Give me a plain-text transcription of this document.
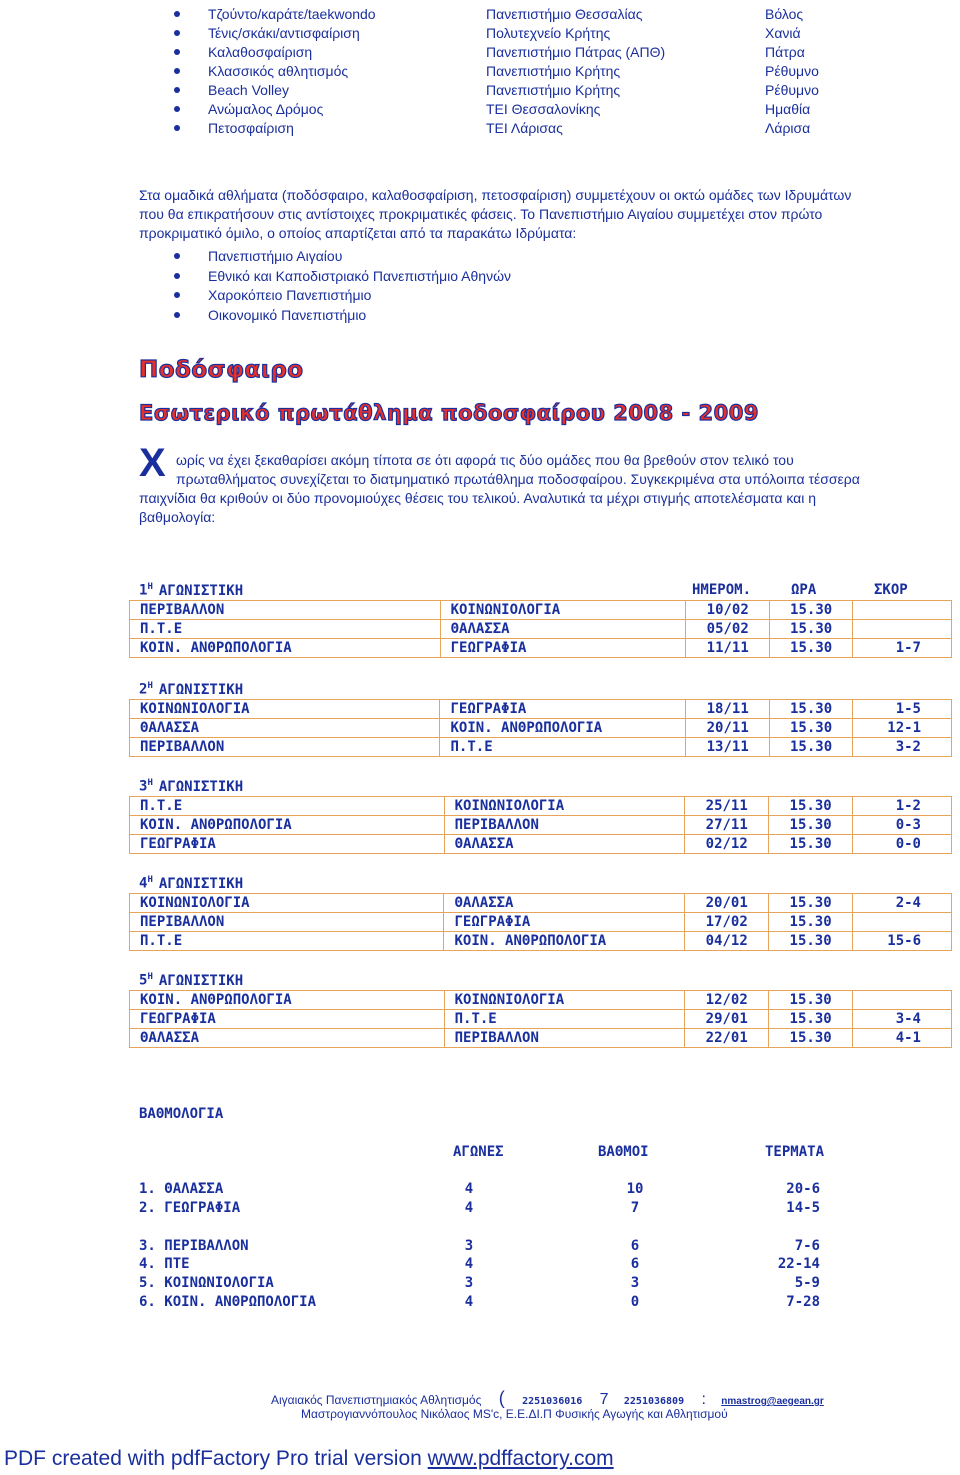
Τζούντο/καράτε/taekwondo	Πανεπιστήμιο Θεσσαλίας	Βόλος
Τένις/σκάκι/αντισφαίριση	Πολυτεχνείο Κρήτης	Χανιά
Καλαθοσφαίριση	Πανεπιστήμιο Πάτρας (ΑΠΘ)	Πάτρα
Κλασσικός αθλητισμός	Πανεπιστήμιο Κρήτης	Ρέθυμνο
Beach Volley	Πανεπιστήμιο Κρήτης	Ρέθυμνο
Ανώμαλος Δρόμος	ΤΕΙ Θεσσαλονίκης	Ημαθία
Πετοσφαίριση	ΤΕΙ Λάρισας	Λάρισα
Στα ομαδικά αθλήματα (ποδόσφαιρο, καλαθοσφαίριση, πετοσφαίριση) συμμετέχουν οι οκτώ ομάδες των Ιδρυμάτων
που θα επικρατήσουν στις αντίστοιχες προκριματικές φάσεις. Το Πανεπιστήμιο Αιγαίου συμμετέχει στον πρώτο
προκριματικό όμιλο, ο οποίος απαρτίζεται από τα παρακάτω Ιδρύματα:
Πανεπιστήμιο Αιγαίου
Εθνικό και Καποδιστριακό Πανεπιστήμιο Αθηνών
Χαροκόπειο Πανεπιστήμιο
Οικονομικό Πανεπιστήμιο
Ποδόσφαιρο
Εσωτερικό πρωτάθλημα ποδοσφαίρου 2008 - 2009
Χ ωρίς να έχει ξεκαθαρίσει ακόμη τίποτα σε ότι αφορά τις δύο ομάδες που θα βρεθούν στον τελικό του
πρωταθλήματος συνεχίζεται το διατμηματικό πρωτάθλημα ποδοσφαίρου. Συγκεκριμένα στα υπόλοιπα τέσσερα
παιχνίδια θα κριθούν οι δύο προνομιούχες θέσεις του τελικού. Αναλυτικά τα μέχρι στιγμής αποτελέσματα και η
βαθμολογία:
$1^H$ ΑΓΩΝΙΣΤΙΚΗ	ΗΜΕΡΟΜ.	ΩΡΑ	ΣΚΟΡ
ΠΕΡΙΒΑΛΛΟΝ	ΚΟΙΝΩΝΙΟΛΟΓΙΑ	10/02	15.30	
Π.Τ.Ε	ΘΑΛΑΣΣΑ	05/02	15.30	
ΚΟΙΝ. ΑΝΘΡΩΠΟΛΟΓΙΑ	ΓΕΩΓΡΑΦΙΑ	11/11	15.30	1-7
$2^H$ ΑΓΩΝΙΣΤΙΚΗ
ΚΟΙΝΩΝΙΟΛΟΓΙΑ	ΓΕΩΓΡΑΦΙΑ	18/11	15.30	1-5
ΘΑΛΑΣΣΑ	ΚΟΙΝ. ΑΝΘΡΩΠΟΛΟΓΙΑ	20/11	15.30	12-1
ΠΕΡΙΒΑΛΛΟΝ	Π.Τ.Ε	13/11	15.30	3-2
$3^H$ ΑΓΩΝΙΣΤΙΚΗ
Π.Τ.Ε	ΚΟΙΝΩΝΙΟΛΟΓΙΑ	25/11	15.30	1-2
ΚΟΙΝ. ΑΝΘΡΩΠΟΛΟΓΙΑ	ΠΕΡΙΒΑΛΛΟΝ	27/11	15.30	0-3
ΓΕΩΓΡΑΦΙΑ	ΘΑΛΑΣΣΑ	02/12	15.30	0-0
$4^H$ ΑΓΩΝΙΣΤΙΚΗ
ΚΟΙΝΩΝΙΟΛΟΓΙΑ	ΘΑΛΑΣΣΑ	20/01	15.30	2-4
ΠΕΡΙΒΑΛΛΟΝ	ΓΕΩΓΡΑΦΙΑ	17/02	15.30	
Π.Τ.Ε	ΚΟΙΝ. ΑΝΘΡΩΠΟΛΟΓΙΑ	04/12	15.30	15-6
$5^H$ ΑΓΩΝΙΣΤΙΚΗ
ΚΟΙΝ. ΑΝΘΡΩΠΟΛΟΓΙΑ	ΚΟΙΝΩΝΙΟΛΟΓΙΑ	12/02	15.30	
ΓΕΩΓΡΑΦΙΑ	Π.Τ.Ε	29/01	15.30	3-4
ΘΑΛΑΣΣΑ	ΠΕΡΙΒΑΛΛΟΝ	22/01	15.30	4-1
ΒΑΘΜΟΛΟΓΙΑ
ΑΓΩΝΕΣ	ΒΑΘΜΟΙ	ΤΕΡΜΑΤΑ
1. ΘΑΛΑΣΣΑ	4	10	20-6
2. ΓΕΩΓΡΑΦΙΑ	4	7	14-5
3. ΠΕΡΙΒΑΛΛΟΝ	3	6	7-6
4. ΠΤΕ	4	6	22-14
5. ΚΟΙΝΩΝΙΟΛΟΓΙΑ	3	3	5-9
6. ΚΟΙΝ. ΑΝΘΡΩΠΟΛΟΓΙΑ	4	0	7-28
Αιγαιακός Πανεπιστημιακός Αθλητισμός ( 2251036016 7 2251036809 : nmastrog@aegean.gr
Μαστρογιαννόπουλος Νικόλαος MS'c, Ε.Ε.ΔΙ.Π Φυσικής Αγωγής και Αθλητισμού
PDF created with pdfFactory Pro trial version www.pdffactory.com
